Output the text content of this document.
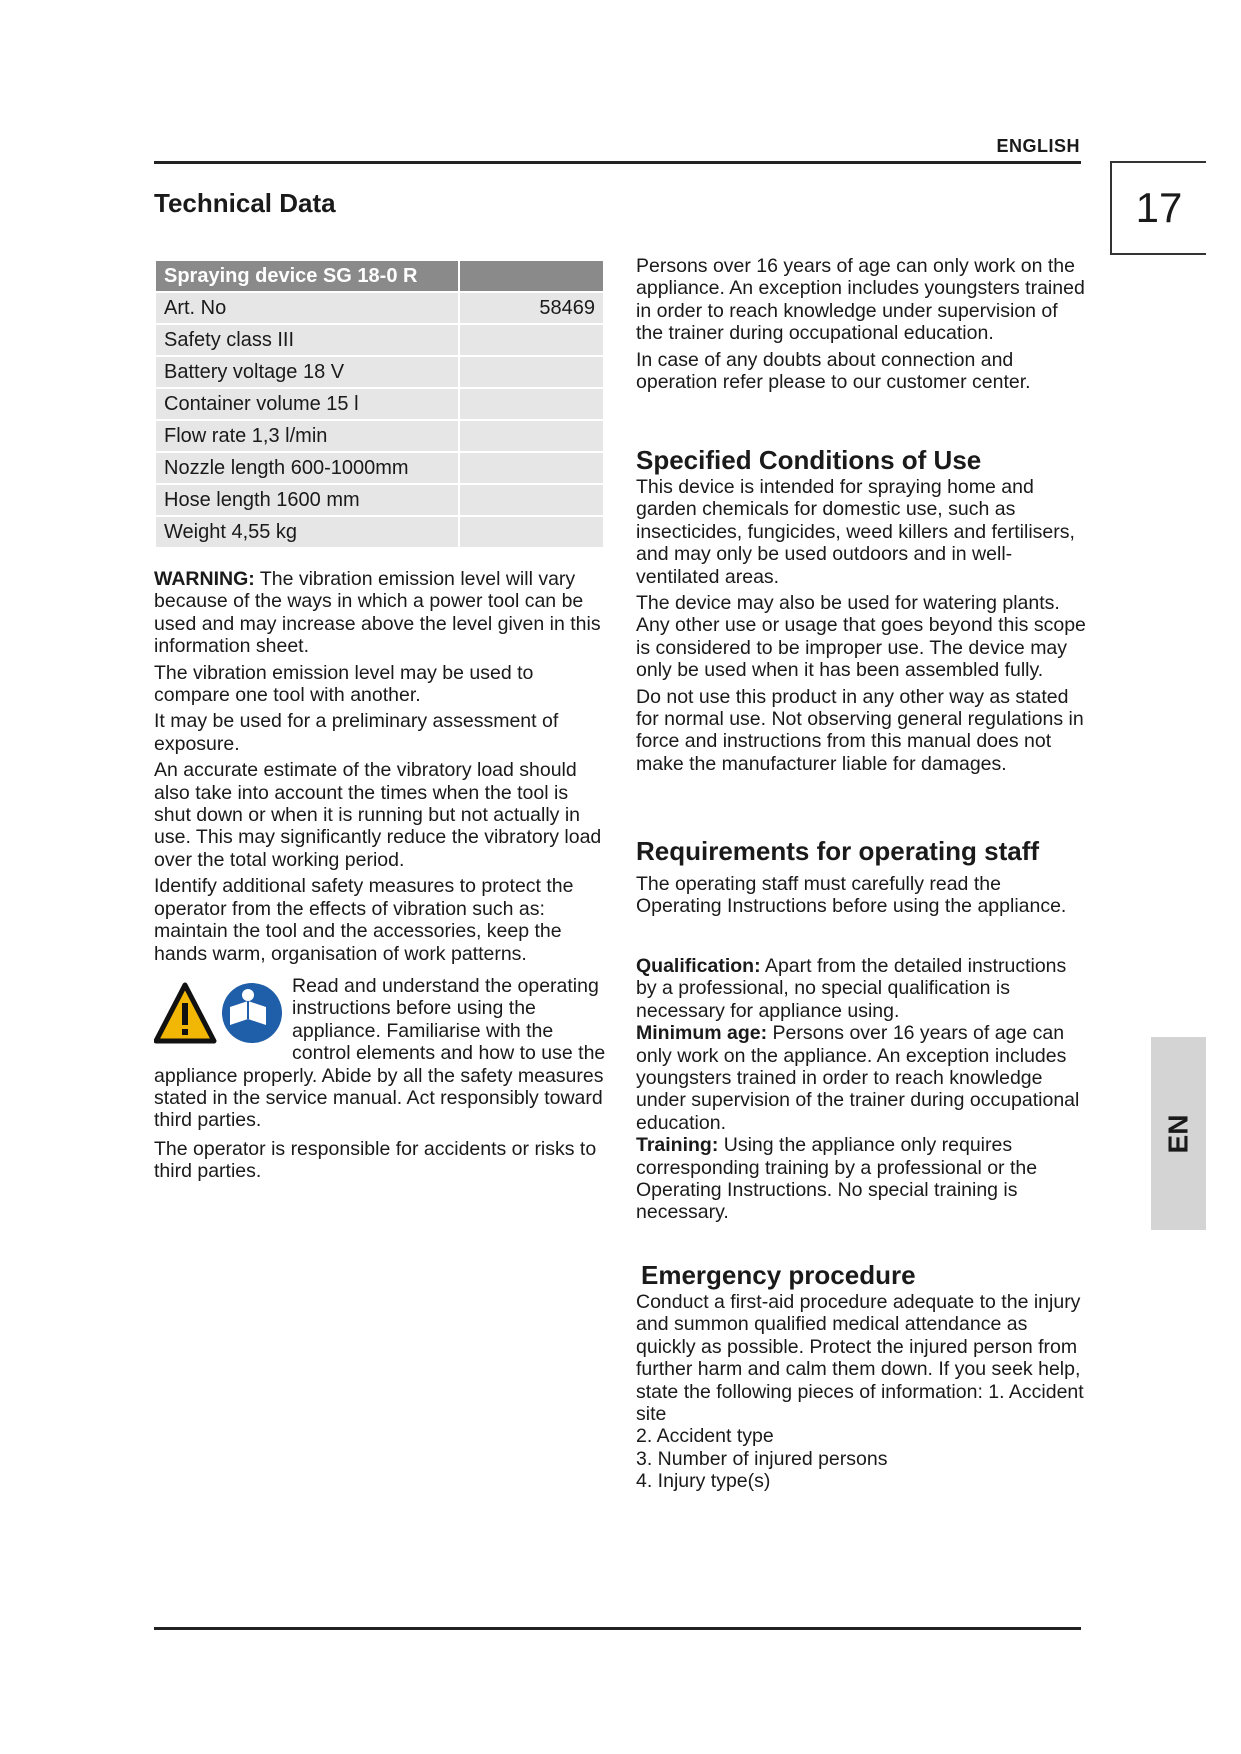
ENGLISH
17
EN
Technical Data
Spraying device SG 18-0 R	
Art. No	58469
Safety class III	
Battery voltage 18 V	
Container volume 15 l	
Flow rate 1,3 l/min	
Nozzle length 600-1000mm	
Hose length 1600 mm	
Weight 4,55 kg	

WARNING: The vibration emission level will vary because of the ways in which a power tool can be used and may increase above the level given in this information sheet.

The vibration emission level may be used to compare one tool with another.

It may be used for a preliminary assessment of exposure.

An accurate estimate of the vibratory load should also take into account the times when the tool is shut down or when it is running but not actually in use. This may significantly reduce the vibratory load over the total working period.

Identify additional safety measures to protect the operator from the effects of vibration such as: maintain the tool and the accessories, keep the hands warm, organisation of work patterns.

Read and understand the operating instructions before using the appliance. Familiarise with the control elements and how to use the appliance properly. Abide by all the safety measures stated in the service manual. Act responsibly toward third parties.

The operator is responsible for accidents or risks to third parties.

Persons over 16 years of age can only work on the appliance. An exception includes youngsters trained in order to reach knowledge under supervision of the trainer during occupational education.

In case of any doubts about connection and operation refer please to our customer center.

Specified Conditions of Use

This device is intended for spraying home and garden chemicals for domestic use, such as insecticides, fungicides, weed killers and fertilisers, and may only be used outdoors and in well-ventilated areas.

The device may also be used for watering plants. Any other use or usage that goes beyond this scope is considered to be improper use. The device may only be used when it has been assembled fully.

Do not use this product in any other way as stated for normal use. Not observing general regulations in force and instructions from this manual does not make the manufacturer liable for damages.

Requirements for operating staff

The operating staff must carefully read the Operating Instructions before using the appliance.

Qualification: Apart from the detailed instructions by a professional, no special qualification is necessary for appliance using.

Minimum age: Persons over 16 years of age can only work on the appliance. An exception includes youngsters trained in order to reach knowledge under supervision of the trainer during occupational education.

Training: Using the appliance only requires corresponding training by a professional or the Operating Instructions. No special training is necessary.

Emergency procedure

Conduct a first-aid procedure adequate to the injury and summon qualified medical attendance as quickly as possible. Protect the injured person from further harm and calm them down. If you seek help, state the following pieces of information: 1. Accident site

2. Accident type
3. Number of injured persons
4. Injury type(s)
